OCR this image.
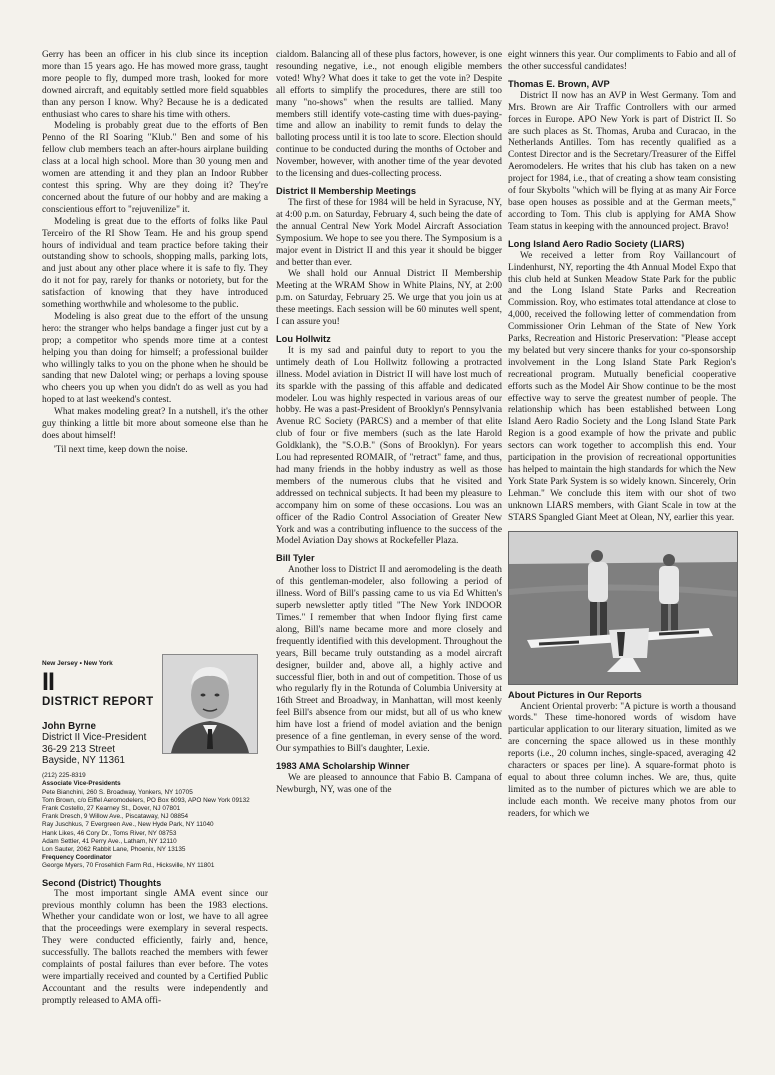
Gerry has been an officer in his club since its inception more than 15 years ago. He has mowed more grass, taught more people to fly, dumped more trash, looked for more downed aircraft, and equitably settled more field squabbles than any person I know. Why? Because he is a dedicated enthusiast who cares to share his time with others.

Modeling is probably great due to the efforts of Ben Penno of the RI Soaring "Klub." Ben and some of his fellow club members teach an after-hours airplane building class at a local high school. More than 30 young men and women are attending it and they plan an Indoor Rubber contest this spring. Why are they doing it? They're concerned about the future of our hobby and are making a conscientious effort to "rejuvenilize" it.

Modeling is great due to the efforts of folks like Paul Terceiro of the RI Show Team. He and his group spend hours of individual and team practice before taking their outstanding show to schools, shopping malls, parking lots, and just about any other place where it is safe to fly. They do it not for pay, rarely for thanks or notoriety, but for the satisfaction of knowing that they have introduced something worthwhile and wholesome to the public.

Modeling is also great due to the effort of the unsung hero: the stranger who helps bandage a finger just cut by a prop; a competitor who spends more time at a contest helping you than doing for himself; a professional builder who willingly talks to you on the phone when he should be sanding that new Dalotel wing; or perhaps a loving spouse who cheers you up when you didn't do as well as you had hoped to at last weekend's contest.

What makes modeling great? In a nutshell, it's the other guy thinking a little bit more about someone else than he does about himself!

'Til next time, keep down the noise.

New Jersey • New York
II
DISTRICT REPORT
John Byrne
District II Vice-President
36-29 213 Street
Bayside, NY 11361
(212) 225-8319
Associate Vice-Presidents
Pete Bianchini, 260 S. Broadway, Yonkers, NY 10705
Tom Brown, c/o Eiffel Aeromodelers, PO Box 6093, APO New York 09132
Frank Costello, 27 Kearney St., Dover, NJ 07801
Frank Dresch, 9 Willow Ave., Piscataway, NJ 08854
Ray Juschkus, 7 Evergreen Ave., New Hyde Park, NY 11040
Hank Likes, 46 Cory Dr., Toms River, NY 08753
Adam Settler, 41 Perry Ave., Latham, NY 12110
Lon Sauter, 2062 Rabbit Lane, Phoenix, NY 13135
Frequency Coordinator
George Myers, 70 Frosehlich Farm Rd., Hicksville, NY 11801
Second (District) Thoughts

The most important single AMA event since our previous monthly column has been the 1983 elections. Whether your candidate won or lost, we have to all agree that the proceedings were exemplary in several respects. They were conducted efficiently, fairly and, hence, successfully. The ballots reached the members with fewer complaints of postal failures than ever before. The votes were impartially received and counted by a Certified Public Accountant and the results were independently and promptly released to AMA offi-

cialdom. Balancing all of these plus factors, however, is one resounding negative, i.e., not enough eligible members voted! Why? What does it take to get the vote in? Despite all efforts to simplify the procedures, there are still too many "no-shows" when the results are tallied. Many members still identify vote-casting time with dues-paying-time and allow an inability to remit funds to delay the balloting process until it is too late to score. Election should continue to be conducted during the months of October and November, however, with another time of the year devoted to the licensing and dues-collecting process.

District II Membership Meetings

The first of these for 1984 will be held in Syracuse, NY, at 4:00 p.m. on Saturday, February 4, such being the date of the annual Central New York Model Aircraft Association Symposium. We hope to see you there. The Symposium is a major event in District II and this year it should be bigger and better than ever.

We shall hold our Annual District II Membership Meeting at the WRAM Show in White Plains, NY, at 2:00 p.m. on Saturday, February 25. We urge that you join us at these meetings. Each session will be 60 minutes well spent, I can assure you!

Lou Hollwitz

It is my sad and painful duty to report to you the untimely death of Lou Hollwitz following a protracted illness. Model aviation in District II will have lost much of its sparkle with the passing of this affable and dedicated modeler. Lou was highly respected in various areas of our hobby. He was a past-President of Brooklyn's Pennsylvania Avenue RC Society (PARCS) and a member of that elite club of four or five members (such as the late Harold Goldklank), the "S.O.B." (Sons of Brooklyn). For years Lou had represented ROMAIR, of "retract" fame, and thus, had many friends in the hobby industry as well as those members of the numerous clubs that he visited and addressed on technical subjects. It had been my pleasure to accompany him on some of these occasions. Lou was an officer of the Radio Control Association of Greater New York and was a contributing influence to the success of the Model Aviation Day shows at Rockefeller Plaza.

Bill Tyler

Another loss to District II and aeromodeling is the death of this gentleman-modeler, also following a period of illness. Word of Bill's passing came to us via Ed Whitten's superb newsletter aptly titled "The New York INDOOR Times." I remember that when Indoor flying first came along, Bill's name became more and more closely and frequently identified with this development. Throughout the years, Bill became truly outstanding as a model aircraft designer, builder and, above all, a highly active and successful flier, both in and out of competition. Those of us who regularly fly in the Rotunda of Columbia University at 16th Street and Broadway, in Manhattan, will most keenly feel Bill's absence from our midst, but all of us who knew him have lost a friend of model aviation and the benign presence of a fine gentleman, in every sense of the word. Our sympathies to Bill's daughter, Lexie.

1983 AMA Scholarship Winner

We are pleased to announce that Fabio B. Campana of Newburgh, NY, was one of the

eight winners this year. Our compliments to Fabio and all of the other successful candidates!

Thomas E. Brown, AVP

District II now has an AVP in West Germany. Tom and Mrs. Brown are Air Traffic Controllers with our armed forces in Europe. APO New York is part of District II. So are such places as St. Thomas, Aruba and Curacao, in the Netherlands Antilles. Tom has recently qualified as a Contest Director and is the Secretary/Treasurer of the Eiffel Aeromodelers. He writes that his club has taken on a new project for 1984, i.e., that of creating a show team consisting of four Skybolts "which will be flying at as many Air Force base open houses as possible and at the German meets," according to Tom. This club is applying for AMA Show Team status in keeping with the announced project. Bravo!

Long Island Aero Radio Society (LIARS)

We received a letter from Roy Vaillancourt of Lindenhurst, NY, reporting the 4th Annual Model Expo that this club held at Sunken Meadow State Park for the public and the Long Island State Parks and Recreation Commission. Roy, who estimates total attendance at close to 4,000, received the following letter of commendation from Commissioner Orin Lehman of the State of New York Parks, Recreation and Historic Preservation: "Please accept my belated but very sincere thanks for your co-sponsorship involvement in the Long Island State Park Region's recreational program. Mutually beneficial cooperative efforts such as the Model Air Show continue to be the most effective way to serve the greatest number of people. The relationship which has been established between Long Island Aero Radio Society and the Long Island State Park Region is a good example of how the private and public sectors can work together to accomplish this end. Your participation in the provision of recreational opportunities has helped to maintain the high standards for which the New York State Park System is so widely known. Sincerely, Orin Lehman." We conclude this item with our shot of two unknown LIARS members, with Giant Scale in tow at the STARS Spangled Giant Meet at Olean, NY, earlier this year.

About Pictures in Our Reports

Ancient Oriental proverb: "A picture is worth a thousand words." These time-honored words of wisdom have particular application to our literary situation, limited as we are concerning the space allowed us in these monthly reports (i.e., 20 column inches, single-spaced, averaging 42 characters or spaces per line). A square-format photo is equal to about three column inches. We are, thus, quite limited as to the number of pictures which we are able to include each month. We receive many photos from our readers, for which we
